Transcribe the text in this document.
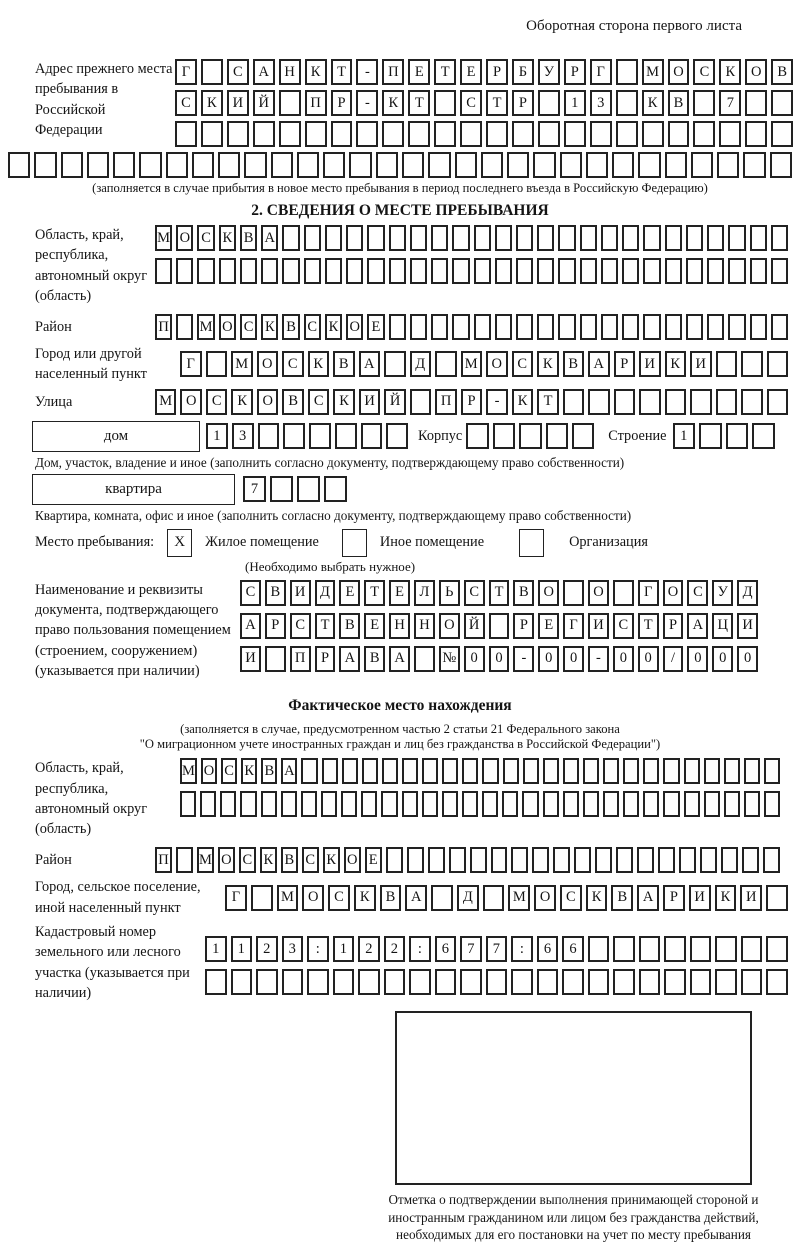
Оборотная сторона первого листа
Адрес прежнего места пребывания в Российской Федерации
Г	С	А	Н	К	Т	-	П	Е	Т	Е	Р	Б	У	Р	Г	М О	С	К	О	В
С	К	И	Й	П	Р	-	К	Т	С	Т	Р	1	3	К	В	7
(заполняется в случае прибытия в новое место пребывания в период последнего въезда в Российскую Федерацию)
2. СВЕДЕНИЯ О МЕСТЕ ПРЕБЫВАНИЯ
Область, край, республика, автономный округ (область)
М О С К В А
Район	П М О С К В С К О Е
Город или другой населенный пункт
Г	М О	С	К	В	А	Д	М О	С	К	В	А	Р	И	К	И
Улица	М О	С	К	О	В	С	К	И	Й	П	Р	-	К	Т
дом	1	3	Корпус	Строение 1
Дом, участок, владение и иное (заполнить согласно документу, подтверждающему право собственности)
квартира	7
Квартира, комната, офис и иное (заполнить согласно документу, подтверждающему право собственности)
Место пребывания: X Жилое помещение	Иное помещение	Организация
(Необходимо выбрать нужное)
Наименование и реквизиты документа, подтверждающего право пользования помещением (строением, сооружением) (указывается при наличии)
С	В	И	Д	Е	Т	Е	Л	Ь	С	Т	В	О	О	Г	О	С	У	Д
А	Р	С	Т	В	Е	Н Н О Й	Р	Е	Г	И	С	Т	Р	А Ц И
И	П	Р	А	В	А	№ 0	0	-	0	0	-	0	0	/	0	0	0
Фактическое место нахождения
(заполняется в случае, предусмотренном частью 2 статьи 21 Федерального закона
"О миграционном учете иностранных граждан и лиц без гражданства в Российской Федерации")
Область, край, республика, автономный округ (область)
М О С К В А
Район	П М О С К В С К О Е
Город, сельское поселение, иной населенный пункт
Г	М О	С	К	В	А	Д	М О	С	К	В	А	Р	И	К	И
Кадастровый номер земельного или лесного участка (указывается при наличии)
1	1	2	3	:	1	2	2	:	6	7	7	:	6	6
Отметка о подтверждении выполнения принимающей стороной и иностранным гражданином или лицом без гражданства действий, необходимых для его постановки на учет по месту пребывания
